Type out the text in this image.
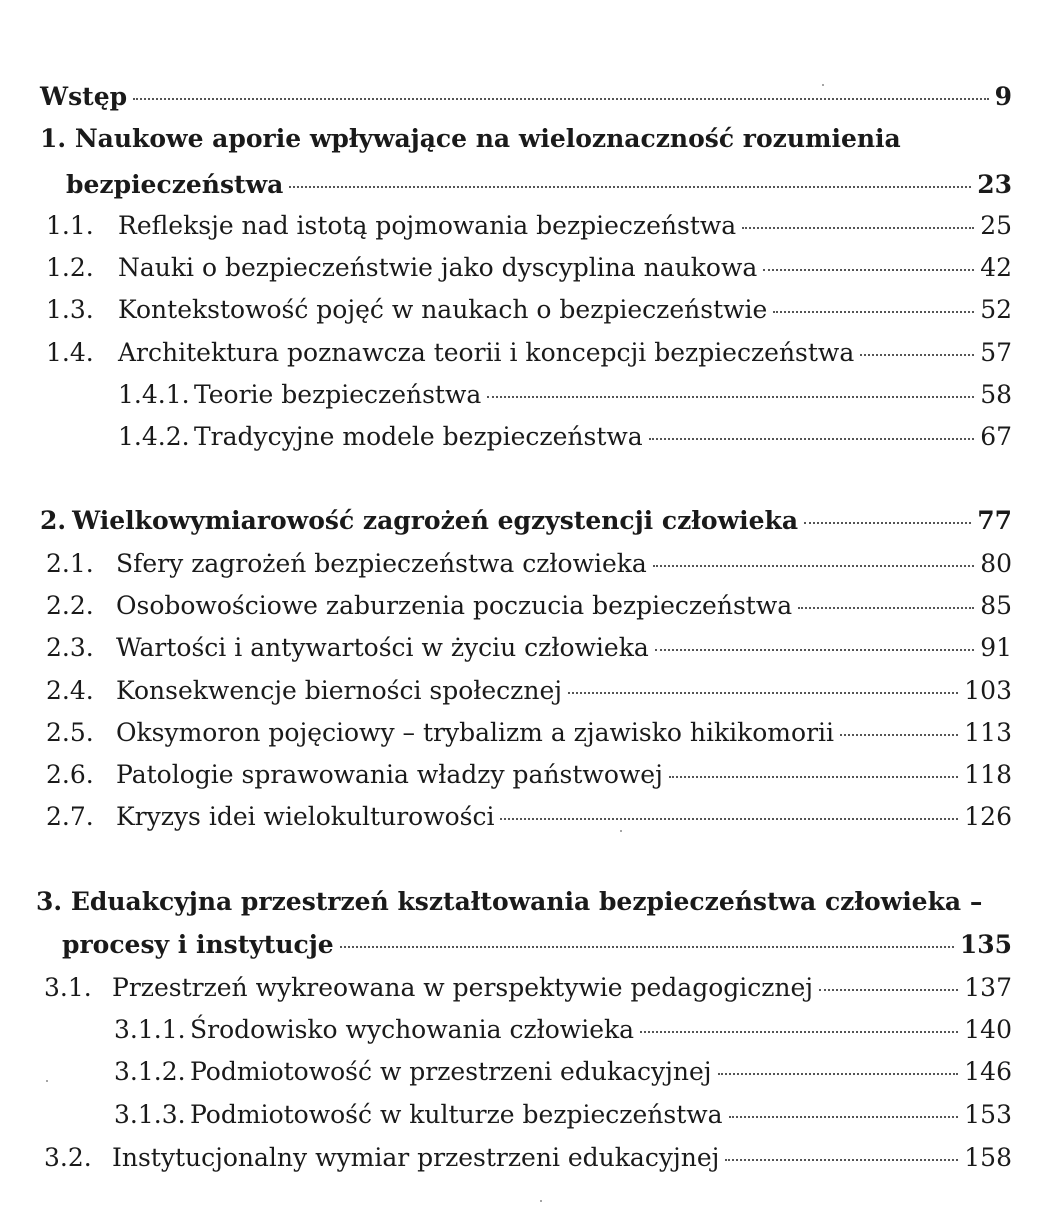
Wstęp	9
1. Naukowe aporie wpływające na wieloznaczność rozumienia
bezpieczeństwa	23
1.1. Refleksje nad istotą pojmowania bezpieczeństwa	25
1.2. Nauki o bezpieczeństwie jako dyscyplina naukowa	42
1.3. Kontekstowość pojęć w naukach o bezpieczeństwie	52
1.4. Architektura poznawcza teorii i koncepcji bezpieczeństwa	57
1.4.1. Teorie bezpieczeństwa	58
1.4.2. Tradycyjne modele bezpieczeństwa	67
2. Wielkowymiarowość zagrożeń egzystencji człowieka	77
2.1. Sfery zagrożeń bezpieczeństwa człowieka	80
2.2. Osobowościowe zaburzenia poczucia bezpieczeństwa	85
2.3. Wartości i antywartości w życiu człowieka	91
2.4. Konsekwencje bierności społecznej	103
2.5. Oksymoron pojęciowy – trybalizm a zjawisko hikikomorii	113
2.6. Patologie sprawowania władzy państwowej	118
2.7. Kryzys idei wielokulturowości	126
3. Eduakcyjna przestrzeń kształtowania bezpieczeństwa człowieka –
procesy i instytucje	135
3.1. Przestrzeń wykreowana w perspektywie pedagogicznej	137
3.1.1. Środowisko wychowania człowieka	140
3.1.2. Podmiotowość w przestrzeni edukacyjnej	146
3.1.3. Podmiotowość w kulturze bezpieczeństwa	153
3.2. Instytucjonalny wymiar przestrzeni edukacyjnej	158
